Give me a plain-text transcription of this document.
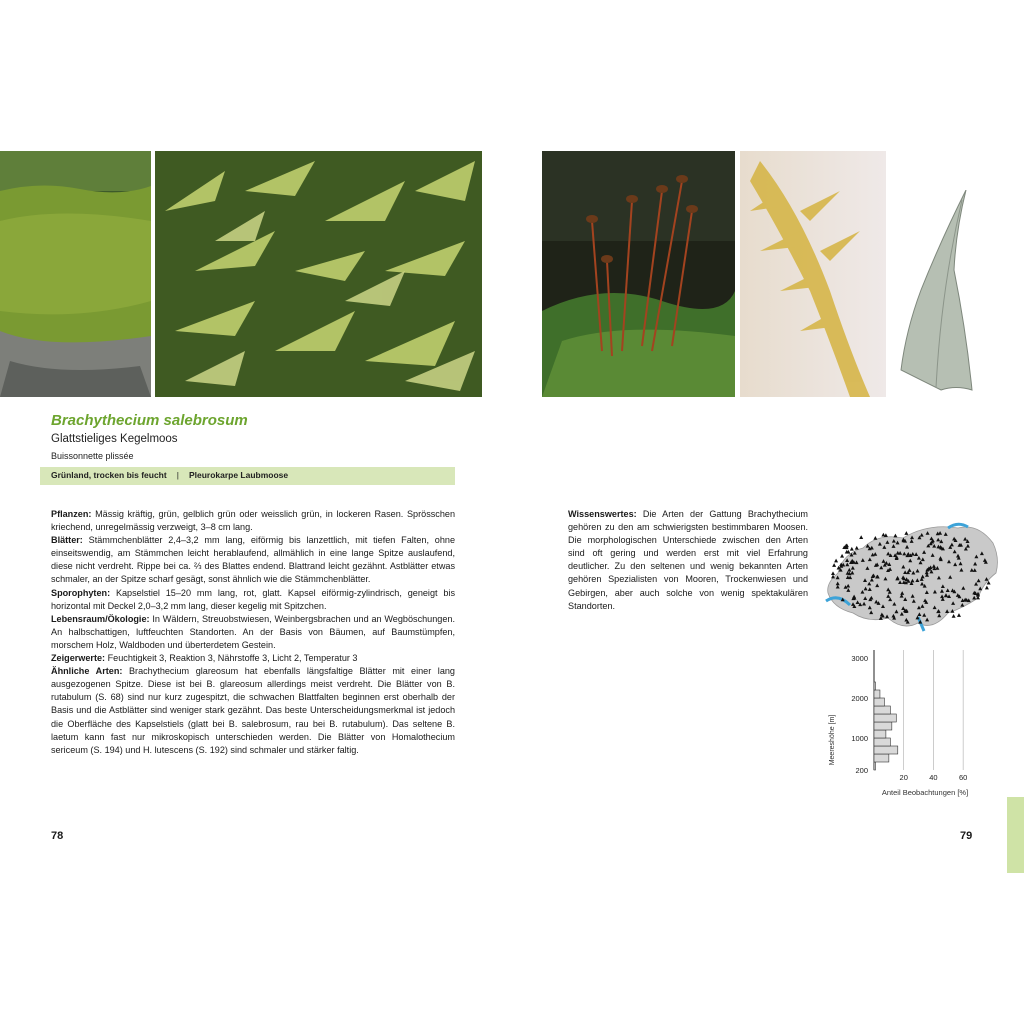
Brachythecium salebrosum
Glattstieliges Kegelmoos
Buissonnette plissée
Grünland, trocken bis feucht | Pleurokarpe Laubmoose

Pflanzen: Mässig kräftig, grün, gelblich grün oder weisslich grün, in lockeren Rasen. Sprösschen kriechend, unregelmässig verzweigt, 3–8 cm lang.

Blätter: Stämmchenblätter 2,4–3,2 mm lang, eiförmig bis lanzettlich, mit tiefen Falten, ohne einseitswendig, am Stämmchen leicht herablaufend, allmählich in eine lange Spitze auslaufend, diese nicht verdreht. Rippe bei ca. ⅔ des Blattes endend. Blattrand leicht gezähnt. Astblätter etwas schmaler, an der Spitze scharf gesägt, sonst ähnlich wie die Stämmchenblätter.

Sporophyten: Kapselstiel 15–20 mm lang, rot, glatt. Kapsel eiförmig-zylindrisch, geneigt bis horizontal mit Deckel 2,0–3,2 mm lang, dieser kegelig mit Spitzchen.

Lebensraum/Ökologie: In Wäldern, Streuobstwiesen, Weinbergsbrachen und an Wegböschungen. An halbschattigen, luftfeuchten Standorten. An der Basis von Bäumen, auf Baumstümpfen, morschem Holz, Waldboden und überterdetem Gestein.

Zeigerwerte: Feuchtigkeit 3, Reaktion 3, Nährstoffe 3, Licht 2, Temperatur 3

Ähnliche Arten: Brachythecium glareosum hat ebenfalls längsfaltige Blätter mit einer lang ausgezogenen Spitze. Diese ist bei B. glareosum allerdings meist verdreht. Die Blätter von B. rutabulum (S. 68) sind nur kurz zugespitzt, die schwachen Blattfalten beginnen erst oberhalb der Basis und die Astblätter sind weniger stark gezähnt. Das beste Unterscheidungsmerkmal ist jedoch die Oberfläche des Kapselstiels (glatt bei B. salebrosum, rau bei B. rutabulum). Das seltene B. laetum kann fast nur mikroskopisch unterschieden werden. Die Blätter von Homalothecium sericeum (S. 194) und H. lutescens (S. 192) sind schmaler und stärker faltig.

Wissenswertes: Die Arten der Gattung Brachythecium gehören zu den am schwierigsten bestimmbaren Moosen. Die morphologischen Unterschiede zwischen den Arten sind oft gering und werden erst mit viel Erfahrung deutlicher. Zu den seltenen und wenig bekannten Arten gehören Spezialisten von Mooren, Trockenwiesen und Gebirgen, aber auch solche von wenig spektakulären Standorten.

200
1000
2000
3000
20	40	60
Meereshöhe [m]
Anteil Beobachtungen [%]
78	79
